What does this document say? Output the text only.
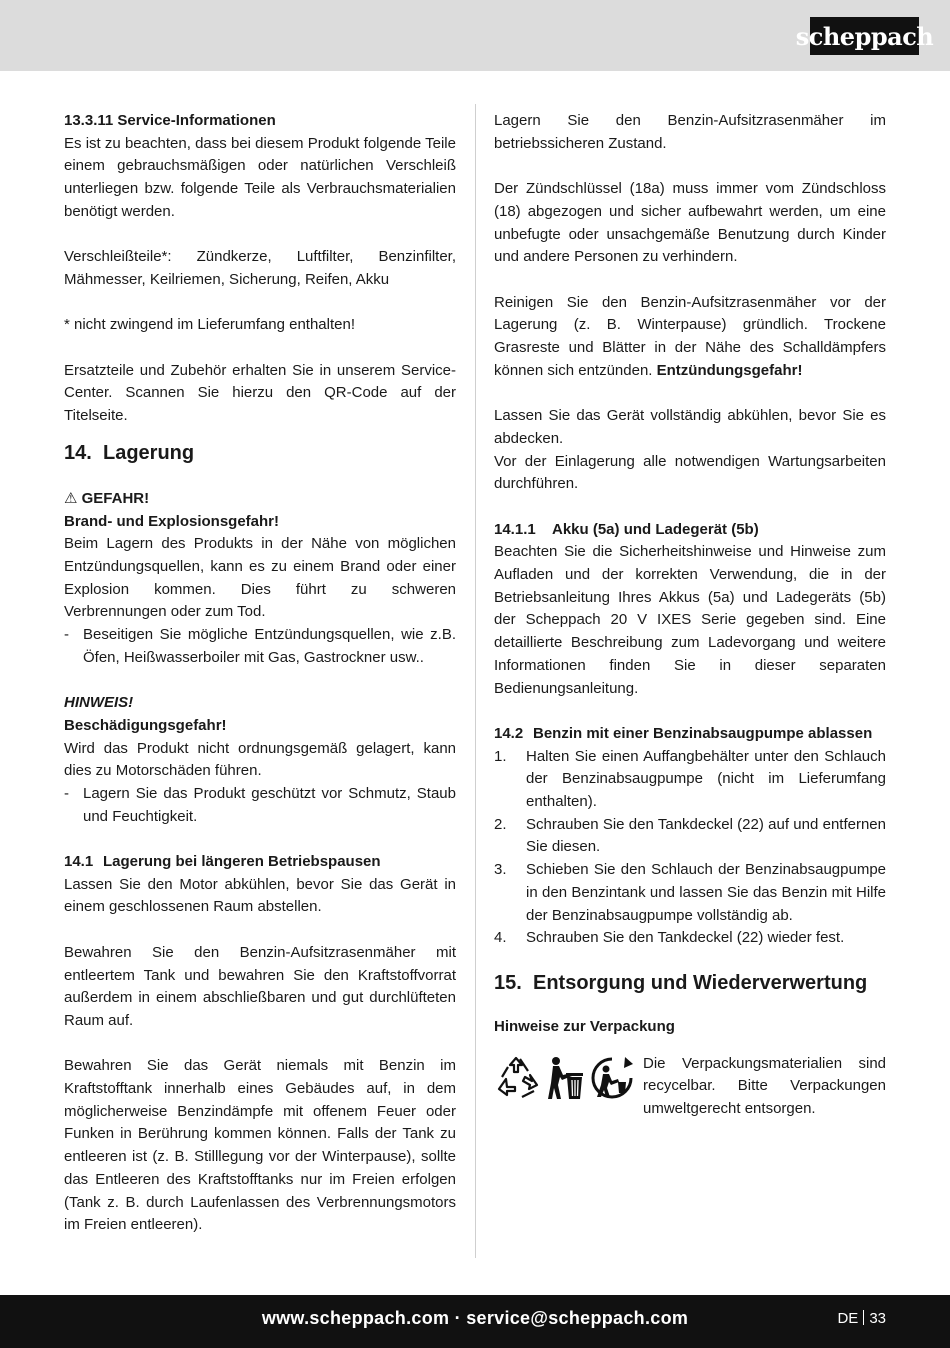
scheppach

13.3.11 Service-Informationen

Es ist zu beachten, dass bei diesem Produkt folgende Teile einem gebrauchsmäßigen oder natürlichen Verschleiß unterliegen bzw. folgende Teile als Verbrauchsmaterialien benötigt werden.

Verschleißteile*: Zündkerze, Luftfilter, Benzinfilter, Mähmesser, Keilriemen, Sicherung, Reifen, Akku

* nicht zwingend im Lieferumfang enthalten!

Ersatzteile und Zubehör erhalten Sie in unserem Service-Center. Scannen Sie hierzu den QR-Code auf der Titelseite.

14. Lagerung

⚠ GEFAHR!

Brand- und Explosionsgefahr!

Beim Lagern des Produkts in der Nähe von möglichen Entzündungsquellen, kann es zu einem Brand oder einer Explosion kommen. Dies führt zu schweren Verbrennungen oder zum Tod.

- Beseitigen Sie mögliche Entzündungsquellen, wie z.B. Öfen, Heißwasserboiler mit Gas, Gastrockner usw..

HINWEIS!

Beschädigungsgefahr!

Wird das Produkt nicht ordnungsgemäß gelagert, kann dies zu Motorschäden führen.

- Lagern Sie das Produkt geschützt vor Schmutz, Staub und Feuchtigkeit.

14.1 Lagerung bei längeren Betriebspausen

Lassen Sie den Motor abkühlen, bevor Sie das Gerät in einem geschlossenen Raum abstellen.

Bewahren Sie den Benzin-Aufsitzrasenmäher mit entleertem Tank und bewahren Sie den Kraftstoffvorrat außerdem in einem abschließbaren und gut durchlüfteten Raum auf.

Bewahren Sie das Gerät niemals mit Benzin im Kraftstofftank innerhalb eines Gebäudes auf, in dem möglicherweise Benzindämpfe mit offenem Feuer oder Funken in Berührung kommen können. Falls der Tank zu entleeren ist (z. B. Stilllegung vor der Winterpause), sollte das Entleeren des Kraftstofftanks nur im Freien erfolgen (Tank z. B. durch Laufenlassen des Verbrennungsmotors im Freien entleeren).

Lagern Sie den Benzin-Aufsitzrasenmäher im betriebssicheren Zustand.

Der Zündschlüssel (18a) muss immer vom Zündschloss (18) abgezogen und sicher aufbewahrt werden, um eine unbefugte oder unsachgemäße Benutzung durch Kinder und andere Personen zu verhindern.

Reinigen Sie den Benzin-Aufsitzrasenmäher vor der Lagerung (z. B. Winterpause) gründlich. Trockene Grasreste und Blätter in der Nähe des Schalldämpfers können sich entzünden. Entzündungsgefahr!

Lassen Sie das Gerät vollständig abkühlen, bevor Sie es abdecken.

Vor der Einlagerung alle notwendigen Wartungsarbeiten durchführen.

14.1.1 Akku (5a) und Ladegerät (5b)

Beachten Sie die Sicherheitshinweise und Hinweise zum Aufladen und der korrekten Verwendung, die in der Betriebsanleitung Ihres Akkus (5a) und Ladegeräts (5b) der Scheppach 20 V IXES Serie gegeben sind. Eine detaillierte Beschreibung zum Ladevorgang und weitere Informationen finden Sie in dieser separaten Bedienungsanleitung.

14.2 Benzin mit einer Benzinabsaugpumpe ablassen
1.	Halten Sie einen Auffangbehälter unter den Schlauch der Benzinabsaugpumpe (nicht im Lieferumfang enthalten).
2.	Schrauben Sie den Tankdeckel (22) auf und entfernen Sie diesen.
3.	Schieben Sie den Schlauch der Benzinabsaugpumpe in den Benzintank und lassen Sie das Benzin mit Hilfe der Benzinabsaugpumpe vollständig ab.
4.	Schrauben Sie den Tankdeckel (22) wieder fest.
15. Entsorgung und Wiederverwertung

Hinweise zur Verpackung

Die Verpackungsmaterialien sind recycelbar. Bitte Verpackungen umweltgerecht entsorgen.

www.scheppach.com · service@scheppach.com	DE 33
